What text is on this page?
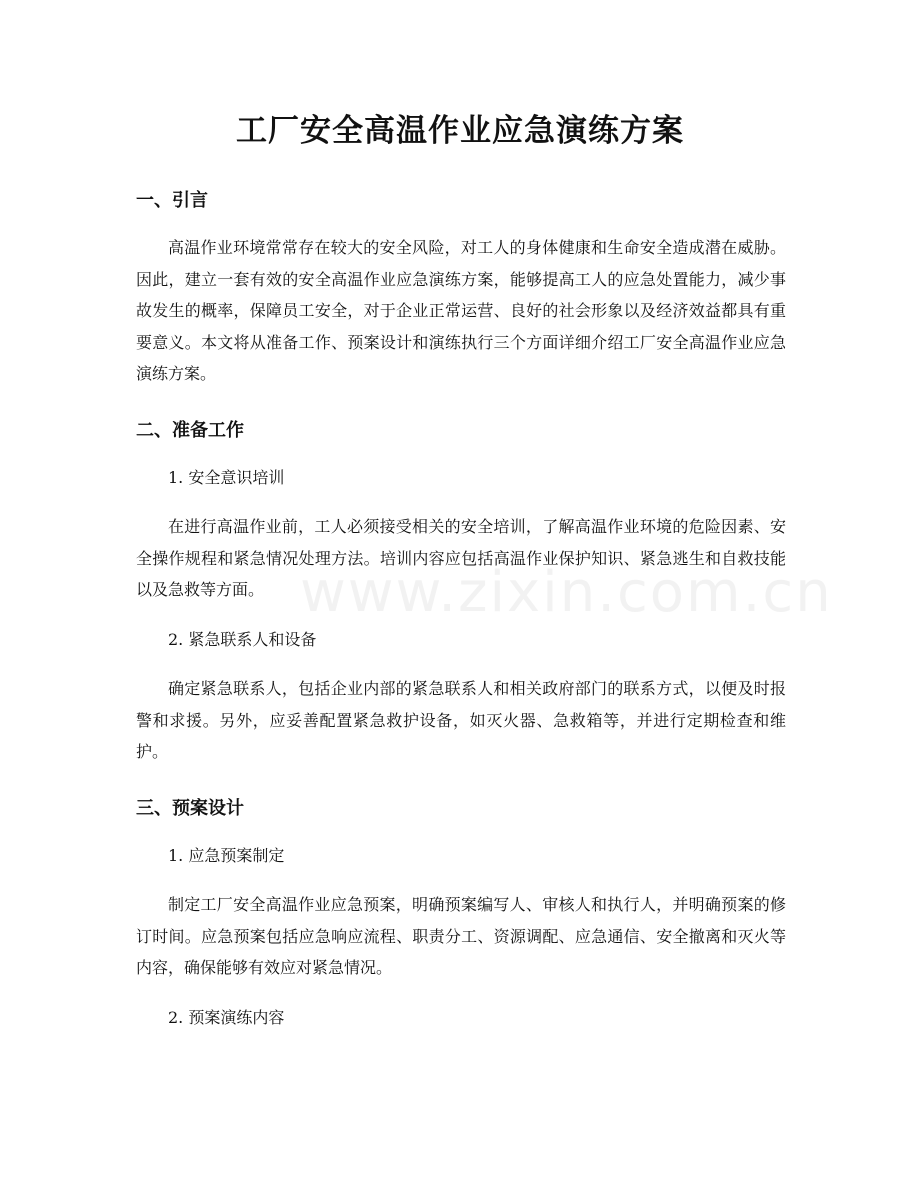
www.zixin.com.cn
工厂安全高温作业应急演练方案
一、引言

高温作业环境常常存在较大的安全风险，对工人的身体健康和生命安全造成潜在威胁。因此，建立一套有效的安全高温作业应急演练方案，能够提高工人的应急处置能力，减少事故发生的概率，保障员工安全，对于企业正常运营、良好的社会形象以及经济效益都具有重要意义。本文将从准备工作、预案设计和演练执行三个方面详细介绍工厂安全高温作业应急演练方案。

二、准备工作

1. 安全意识培训

在进行高温作业前，工人必须接受相关的安全培训，了解高温作业环境的危险因素、安全操作规程和紧急情况处理方法。培训内容应包括高温作业保护知识、紧急逃生和自救技能以及急救等方面。

2. 紧急联系人和设备

确定紧急联系人，包括企业内部的紧急联系人和相关政府部门的联系方式，以便及时报警和求援。另外，应妥善配置紧急救护设备，如灭火器、急救箱等，并进行定期检查和维护。

三、预案设计

1. 应急预案制定

制定工厂安全高温作业应急预案，明确预案编写人、审核人和执行人，并明确预案的修订时间。应急预案包括应急响应流程、职责分工、资源调配、应急通信、安全撤离和灭火等内容，确保能够有效应对紧急情况。

2. 预案演练内容
